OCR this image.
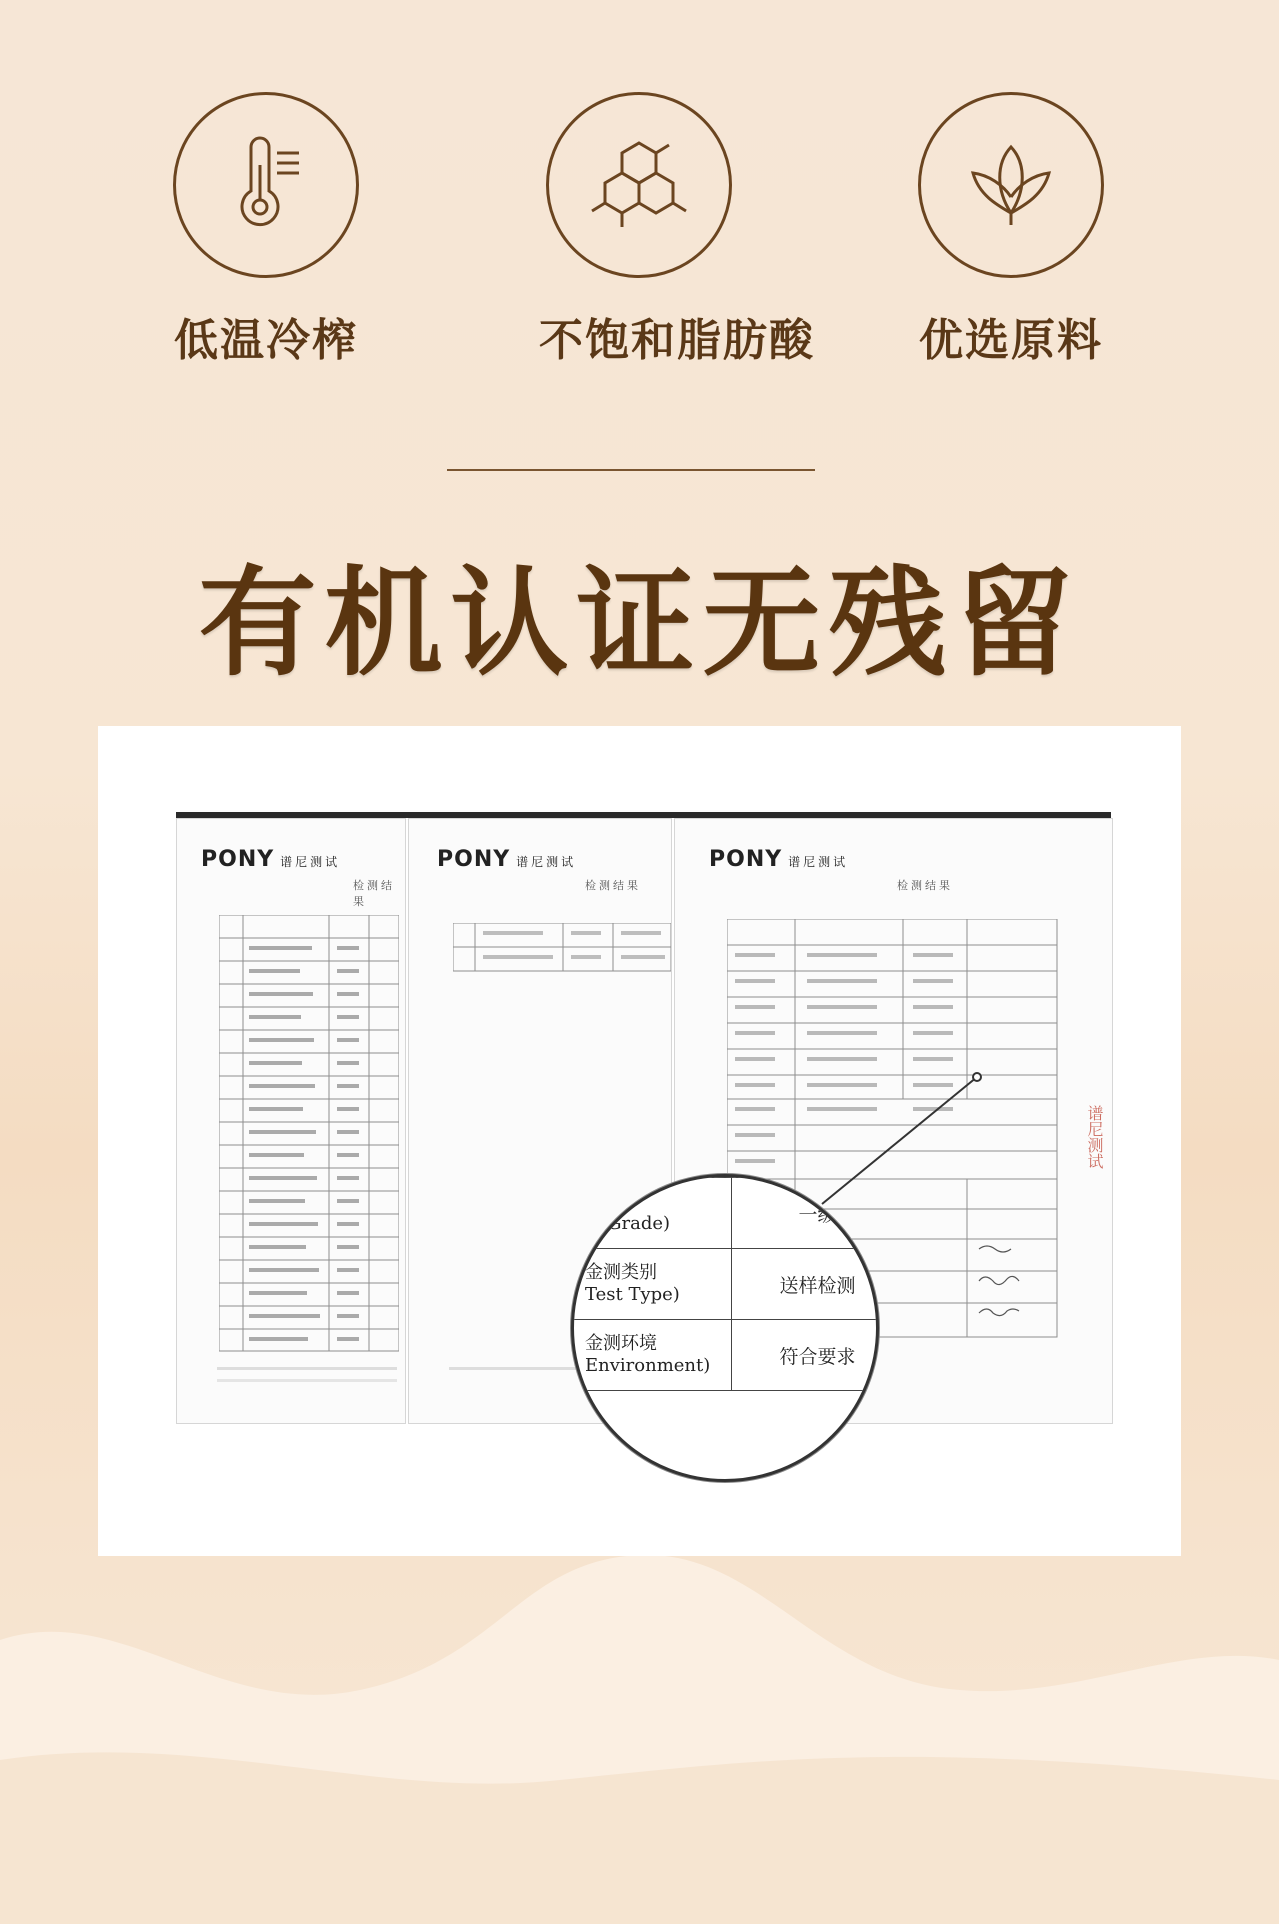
低温冷榨	不饱和脂肪酸 优选原料
有机认证无残留
PONY 谱尼测试
检测结果
PONY 谱尼测试
检测结果
PONY 谱尼测试
检测结果
谱尼测试
等级
le Grade)	一级
金测类别
Test Type)	送样检测
金测环境
Environment)	符合要求
